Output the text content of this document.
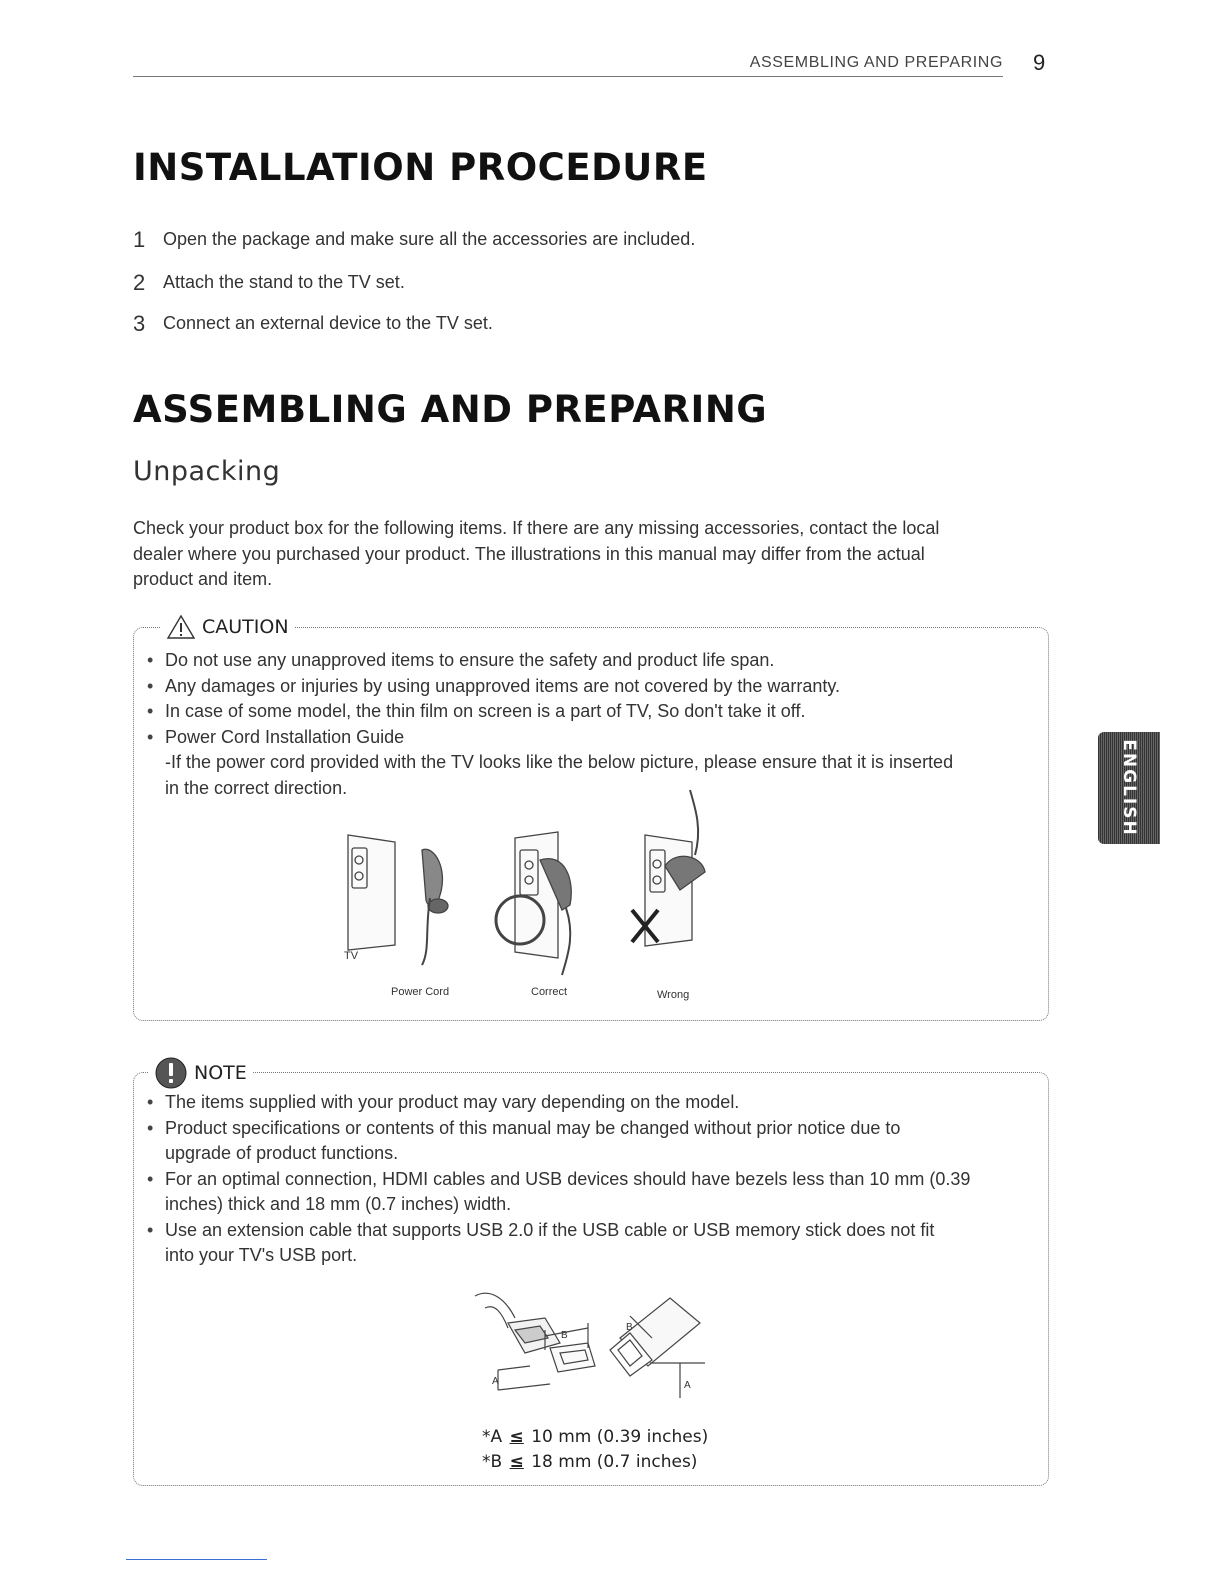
ASSEMBLING AND PREPARING 9
INSTALLATION PROCEDURE
1 Open the package and make sure all the accessories are included.
2 Attach the stand to the TV set.
3 Connect an external device to the TV set.
ASSEMBLING AND PREPARING
Unpacking
Check your product box for the following items. If there are any missing accessories, contact the local
dealer where you purchased your product. The illustrations in this manual may differ from the actual
product and item.
CAUTION
• Do not use any unapproved items to ensure the safety and product life span.
• Any damages or injuries by using unapproved items are not covered by the warranty.
• In case of some model, the thin film on screen is a part of TV, So don't take it off.
• Power Cord Installation Guide
-If the power cord provided with the TV looks like the below picture, please ensure that it is inserted
in the correct direction.
TV
Power Cord	Correct	Wrong
NOTE
• The items supplied with your product may vary depending on the model.
• Product specifications or contents of this manual may be changed without prior notice due to
upgrade of product functions.
• For an optimal connection, HDMI cables and USB devices should have bezels less than 10 mm (0.39
inches) thick and 18 mm (0.7 inches) width.
• Use an extension cable that supports USB 2.0 if the USB cable or USB memory stick does not fit
into your TV's USB port.
B
B
A	A
*A ≤ 10 mm (0.39 inches)
*B ≤ 18 mm (0.7 inches)
ENGLISH
